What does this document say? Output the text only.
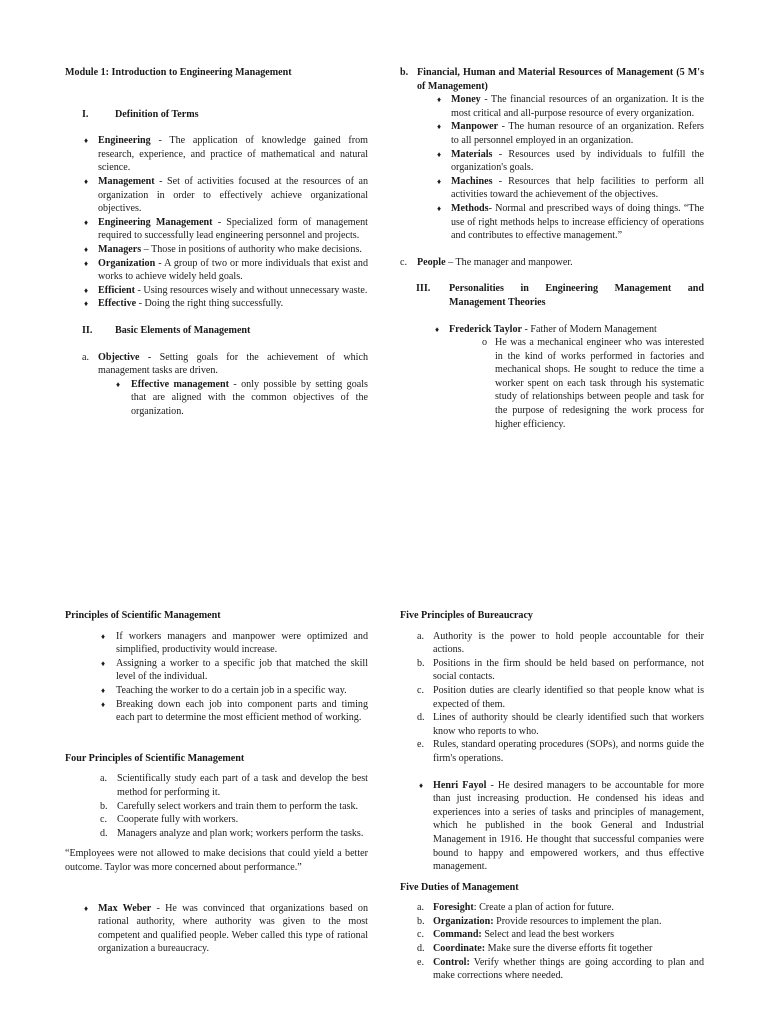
Module 1: Introduction to Engineering Management

I.	Definition of Terms
♦ Engineering - The application of knowledge gained from research, experience, and practice of mathematical and natural science.
♦ Management - Set of activities focused at the resources of an organization in order to effectively achieve organizational objectives.
♦ Engineering Management - Specialized form of management required to successfully lead engineering personnel and projects.
♦ Managers – Those in positions of authority who make decisions.
♦ Organization - A group of two or more individuals that exist and works to achieve widely held goals.
♦ Efficient - Using resources wisely and without unnecessary waste.
♦ Effective - Doing the right thing successfully.
II.	Basic Elements of Management
a. Objective - Setting goals for the achievement of which management tasks are driven.
♦ Effective management - only possible by setting goals that are aligned with the common objectives of the organization.
b. Financial, Human and Material Resources of Management (5 M's of Management)
♦ Money - The financial resources of an organization. It is the most critical and all-purpose resource of every organization.
♦ Manpower - The human resource of an organization. Refers to all personnel employed in an organization.
♦ Materials - Resources used by individuals to fulfill the organization's goals.
♦ Machines - Resources that help facilities to perform all activities toward the achievement of the objectives.
♦ Methods- Normal and prescribed ways of doing things. “The use of right methods helps to increase efficiency of operations and contributes to effective management.”
c. People – The manager and manpower.
III.	Personalities in Engineering Management and Management Theories
♦ Frederick Taylor - Father of Modern Management
o He was a mechanical engineer who was interested in the kind of works performed in factories and mechanical shops. He sought to reduce the time a worker spent on each task through his systematic study of relationships between people and task for the purpose of redesigning the work process for higher efficiency.

Principles of Scientific Management

♦ If workers managers and manpower were optimized and simplified, productivity would increase.
♦ Assigning a worker to a specific job that matched the skill level of the individual.
♦ Teaching the worker to do a certain job in a specific way.
♦ Breaking down each job into component parts and timing each part to determine the most efficient method of working.

Four Principles of Scientific Management

a. Scientifically study each part of a task and develop the best method for performing it.
b. Carefully select workers and train them to perform the task.
c. Cooperate fully with workers.
d. Managers analyze and plan work; workers perform the tasks.

“Employees were not allowed to make decisions that could yield a better outcome. Taylor was more concerned about performance.”

♦ Max Weber - He was convinced that organizations based on rational authority, where authority was given to the most competent and qualified people. Weber called this type of rational organization a bureaucracy.

Five Principles of Bureaucracy

a. Authority is the power to hold people accountable for their actions.
b. Positions in the firm should be held based on performance, not social contacts.
c. Position duties are clearly identified so that people know what is expected of them.
d. Lines of authority should be clearly identified such that workers know who reports to who.
e. Rules, standard operating procedures (SOPs), and norms guide the firm's operations.
♦ Henri Fayol - He desired managers to be accountable for more than just increasing production. He condensed his ideas and experiences into a series of tasks and principles of management, which he published in the book General and Industrial Management in 1916. He thought that successful companies were bound to happy and empowered workers, and thus effective management.

Five Duties of Management

a. Foresight: Create a plan of action for future.
b. Organization: Provide resources to implement the plan.
c. Command: Select and lead the best workers
d. Coordinate: Make sure the diverse efforts fit together
e. Control: Verify whether things are going according to plan and make corrections where needed.
